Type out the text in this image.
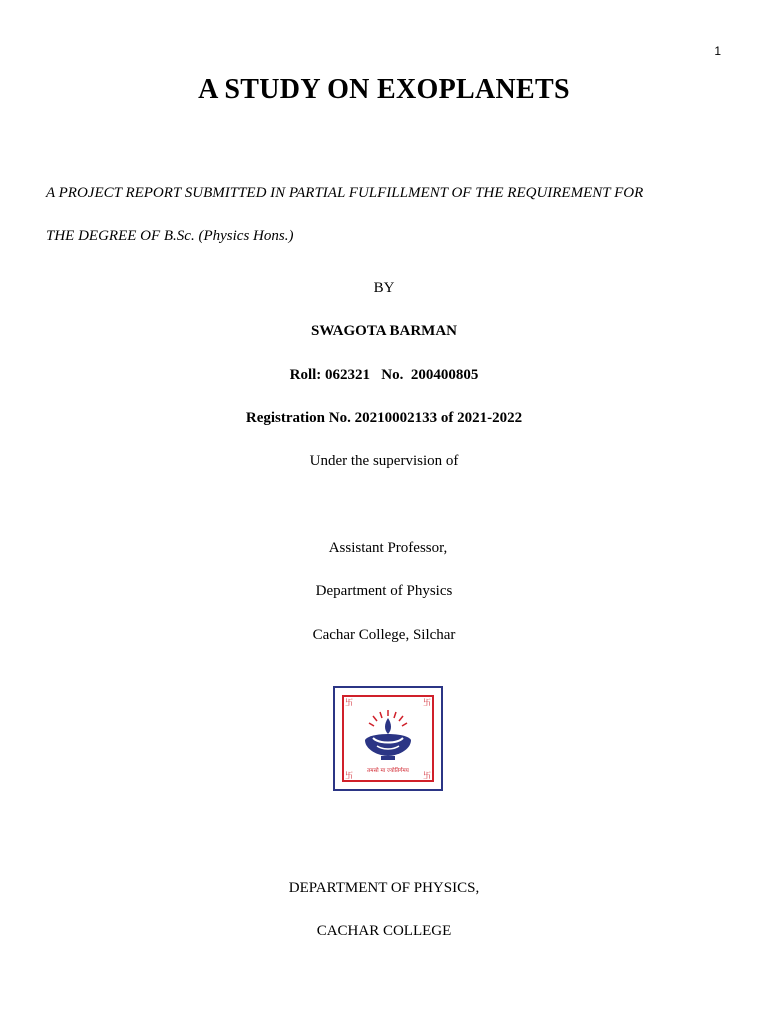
1
A STUDY ON EXOPLANETS
A PROJECT REPORT SUBMITTED IN PARTIAL FULFILLMENT OF THE REQUIREMENT FOR
THE DEGREE OF B.Sc. (Physics Hons.)
BY
SWAGOTA BARMAN
Roll: 062321   No.  200400805
Registration No. 20210002133 of 2021-2022
Under the supervision of
Assistant Professor,
Department of Physics
Cachar College, Silchar
卐	卐
卐	卐
तमसो मा ज्योतिर्गमय
DEPARTMENT OF PHYSICS,
CACHAR COLLEGE
